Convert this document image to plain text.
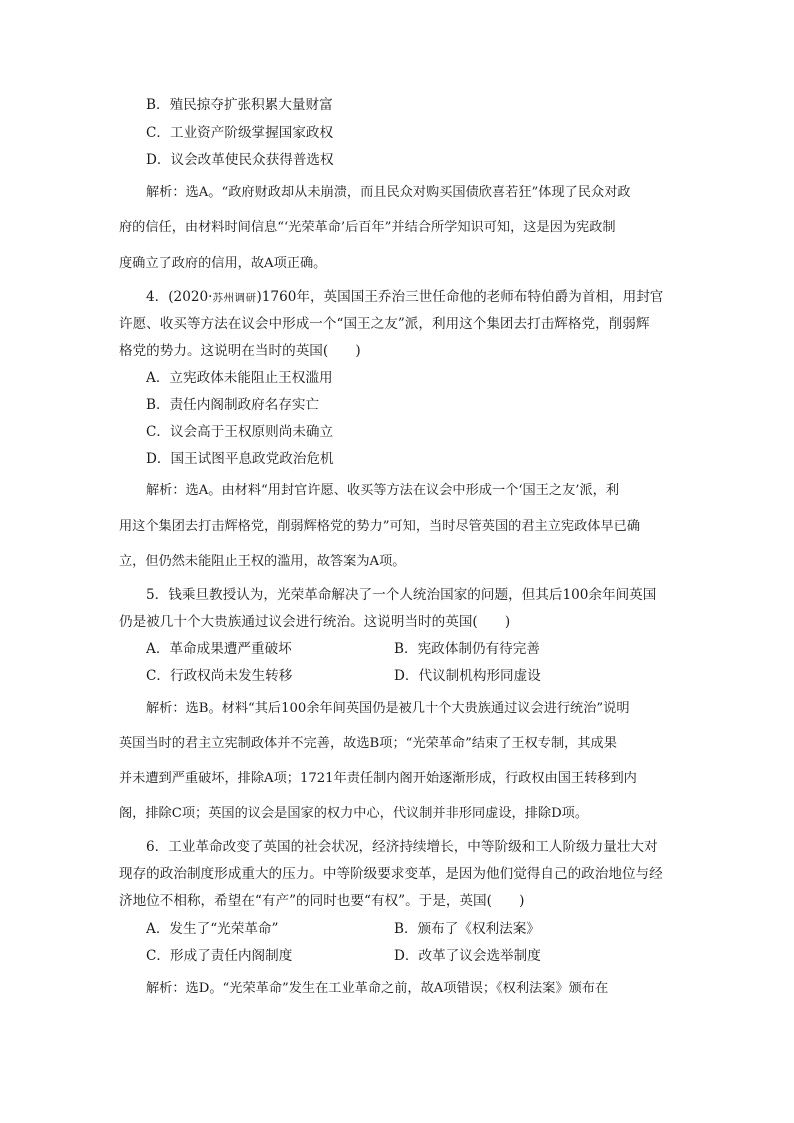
B．殖民掠夺扩张积累大量财富
C．工业资产阶级掌握国家政权
D．议会改革使民众获得普选权
解析：选A。“政府财政却从未崩溃，而且民众对购买国债欣喜若狂”体现了民众对政
府的信任，由材料时间信息“‘光荣革命’后百年”并结合所学知识可知，这是因为宪政制
度确立了政府的信用，故A项正确。
4．(2020·苏州调研)1760年，英国国王乔治三世任命他的老师布特伯爵为首相，用封官
许愿、收买等方法在议会中形成一个“国王之友”派，利用这个集团去打击辉格党，削弱辉
格党的势力。这说明在当时的英国(　　)
A．立宪政体未能阻止王权滥用
B．责任内阁制政府名存实亡
C．议会高于王权原则尚未确立
D．国王试图平息政党政治危机
解析：选A。由材料“用封官许愿、收买等方法在议会中形成一个‘国王之友’派，利
用这个集团去打击辉格党，削弱辉格党的势力”可知，当时尽管英国的君主立宪政体早已确
立，但仍然未能阻止王权的滥用，故答案为A项。
5．钱乘旦教授认为，光荣革命解决了一个人统治国家的问题，但其后100余年间英国
仍是被几十个大贵族通过议会进行统治。这说明当时的英国(　　)
A．革命成果遭严重破坏	B．宪政体制仍有待完善
C．行政权尚未发生转移	D．代议制机构形同虚设
解析：选B。材料“其后100余年间英国仍是被几十个大贵族通过议会进行统治”说明
英国当时的君主立宪制政体并不完善，故选B项；“光荣革命”结束了王权专制，其成果
并未遭到严重破坏，排除A项；1721年责任制内阁开始逐渐形成，行政权由国王转移到内
阁，排除C项；英国的议会是国家的权力中心，代议制并非形同虚设，排除D项。
6．工业革命改变了英国的社会状况，经济持续增长，中等阶级和工人阶级力量壮大对
现存的政治制度形成重大的压力。中等阶级要求变革，是因为他们觉得自己的政治地位与经
济地位不相称，希望在“有产”的同时也要“有权”。于是，英国(　　)
A．发生了“光荣革命”	B．颁布了《权利法案》
C．形成了责任内阁制度	D．改革了议会选举制度
解析：选D。“光荣革命”发生在工业革命之前，故A项错误；《权利法案》颁布在
